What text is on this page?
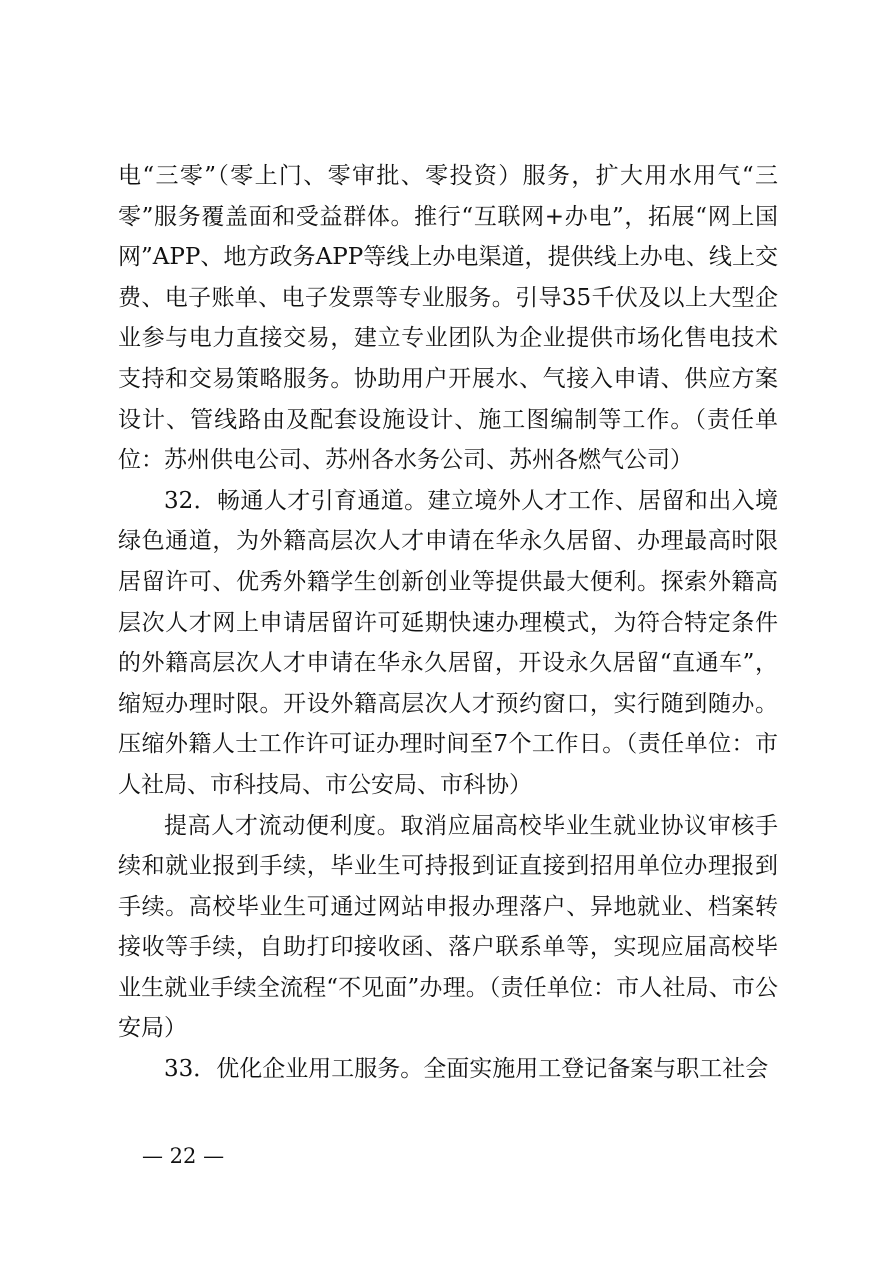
电“三零”（零上门、零审批、零投资）服务，扩大用水用气“三零”服务覆盖面和受益群体。推行“互联网+办电”，拓展“网上国网”APP、地方政务APP等线上办电渠道，提供线上办电、线上交费、电子账单、电子发票等专业服务。引导35千伏及以上大型企业参与电力直接交易，建立专业团队为企业提供市场化售电技术支持和交易策略服务。协助用户开展水、气接入申请、供应方案设计、管线路由及配套设施设计、施工图编制等工作。（责任单位：苏州供电公司、苏州各水务公司、苏州各燃气公司）

32．畅通人才引育通道。建立境外人才工作、居留和出入境绿色通道，为外籍高层次人才申请在华永久居留、办理最高时限居留许可、优秀外籍学生创新创业等提供最大便利。探索外籍高层次人才网上申请居留许可延期快速办理模式，为符合特定条件的外籍高层次人才申请在华永久居留，开设永久居留“直通车”，缩短办理时限。开设外籍高层次人才预约窗口，实行随到随办。压缩外籍人士工作许可证办理时间至7个工作日。（责任单位：市人社局、市科技局、市公安局、市科协）

提高人才流动便利度。取消应届高校毕业生就业协议审核手续和就业报到手续，毕业生可持报到证直接到招用单位办理报到手续。高校毕业生可通过网站申报办理落户、异地就业、档案转接收等手续，自助打印接收函、落户联系单等，实现应届高校毕业生就业手续全流程“不见面”办理。（责任单位：市人社局、市公安局）

33．优化企业用工服务。全面实施用工登记备案与职工社会

— 22 —
